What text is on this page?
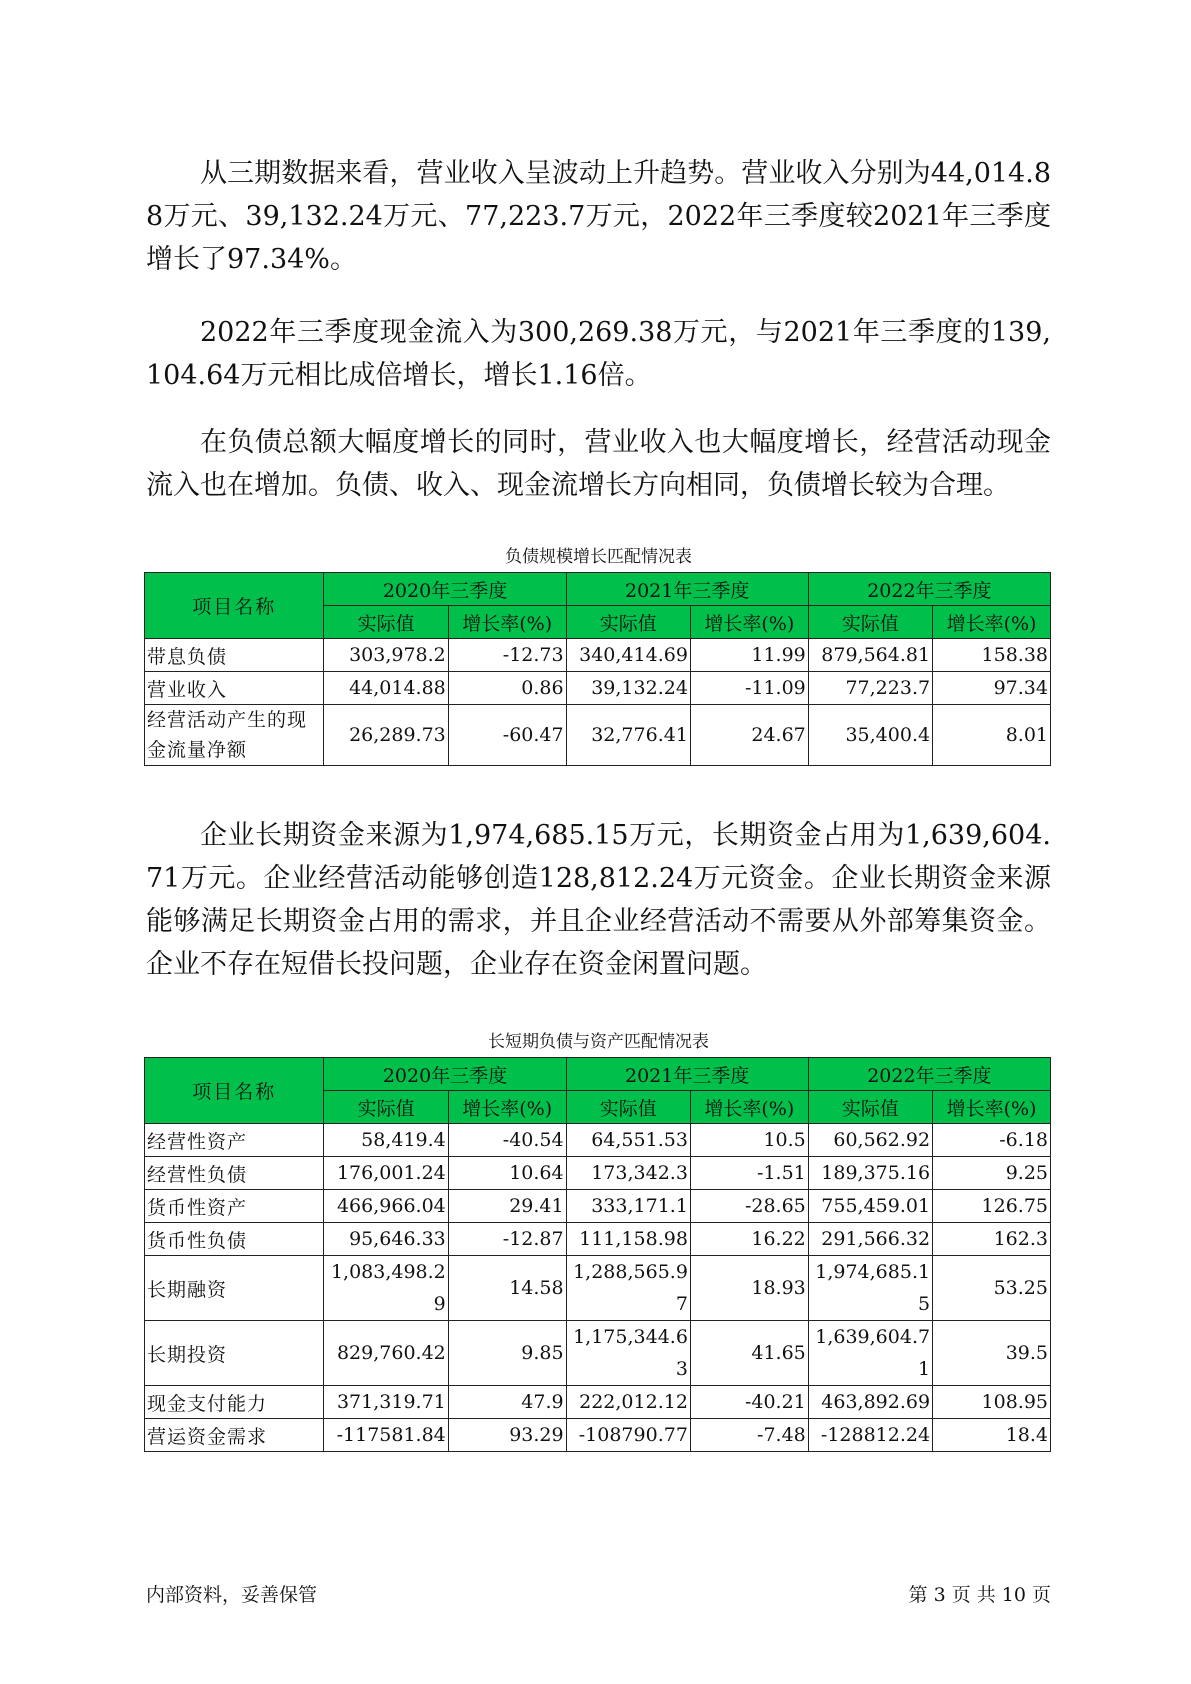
从三期数据来看，营业收入呈波动上升趋势。营业收入分别为44,014.88万元、39,132.24万元、77,223.7万元，2022年三季度较2021年三季度增长了97.34%。

2022年三季度现金流入为300,269.38万元，与2021年三季度的139,104.64万元相比成倍增长，增长1.16倍。

在负债总额大幅度增长的同时，营业收入也大幅度增长，经营活动现金流入也在增加。负债、收入、现金流增长方向相同，负债增长较为合理。

负债规模增长匹配情况表

项目名称	2020年三季度		2021年三季度		2022年三季度	
	实际值	增长率(%)	实际值	增长率(%)	实际值	增长率(%)
带息负债	303,978.2	-12.73	340,414.69	11.99	879,564.81	158.38
营业收入	44,014.88	0.86	39,132.24	-11.09	77,223.7	97.34
经营活动产生的现金流量净额	26,289.73	-60.47	32,776.41	24.67	35,400.4	8.01

企业长期资金来源为1,974,685.15万元，长期资金占用为1,639,604.71万元。企业经营活动能够创造128,812.24万元资金。企业长期资金来源能够满足长期资金占用的需求，并且企业经营活动不需要从外部筹集资金。企业不存在短借长投问题，企业存在资金闲置问题。

长短期负债与资产匹配情况表

项目名称	2020年三季度		2021年三季度		2022年三季度	
	实际值	增长率(%)	实际值	增长率(%)	实际值	增长率(%)
经营性资产	58,419.4	-40.54	64,551.53	10.5	60,562.92	-6.18
经营性负债	176,001.24	10.64	173,342.3	-1.51	189,375.16	9.25
货币性资产	466,966.04	29.41	333,171.1	-28.65	755,459.01	126.75
货币性负债	95,646.33	-12.87	111,158.98	16.22	291,566.32	162.3
长期融资	1,083,498.29	14.58	1,288,565.97	18.93	1,974,685.15	53.25
长期投资	829,760.42	9.85	1,175,344.63	41.65	1,639,604.71	39.5
现金支付能力	371,319.71	47.9	222,012.12	-40.21	463,892.69	108.95
营运资金需求	-117581.84	93.29	-108790.77	-7.48	-128812.24	18.4

内部资料，妥善保管	第 3 页 共 10 页
